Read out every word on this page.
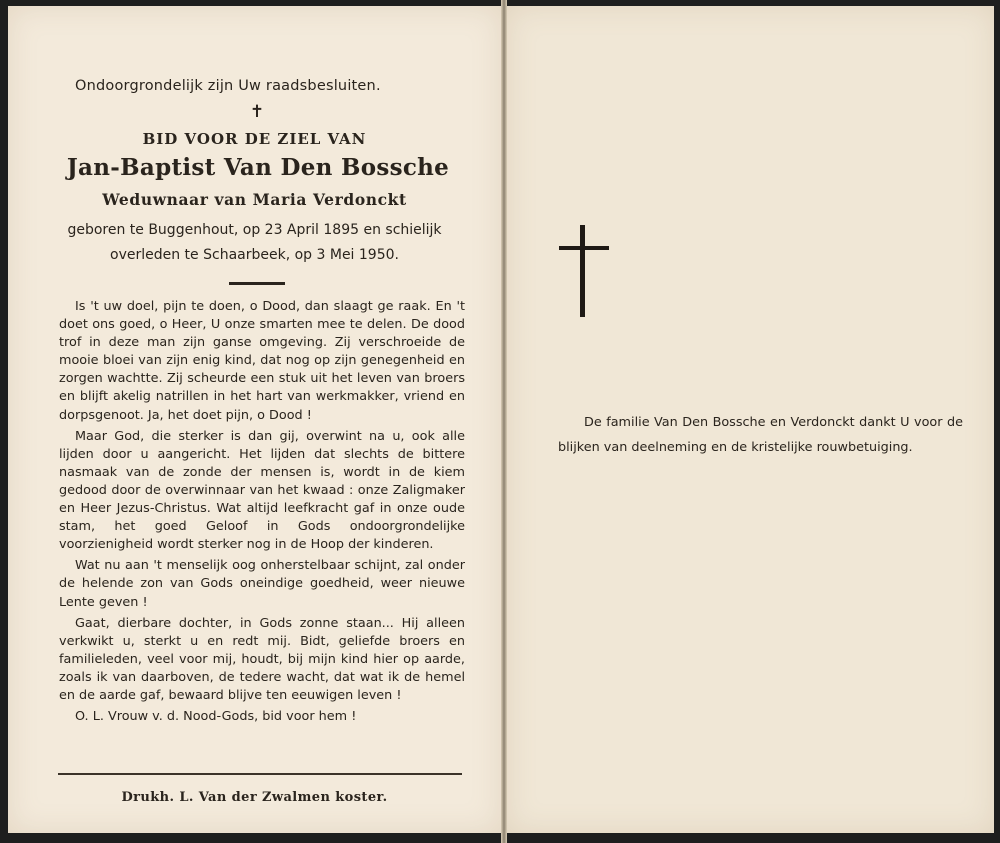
Ondoorgrondelijk zijn Uw raadsbesluiten.
✝
BID VOOR DE ZIEL VAN
Jan-Baptist Van Den Bossche
Weduwnaar van Maria Verdonckt
geboren te Buggenhout, op 23 April 1895 en schielijk
overleden te Schaarbeek, op 3 Mei 1950.

Is 't uw doel, pijn te doen, o Dood, dan slaagt ge raak. En 't doet ons goed, o Heer, U onze smarten mee te delen. De dood trof in deze man zijn ganse omgeving. Zij verschroeide de mooie bloei van zijn enig kind, dat nog op zijn genegenheid en zorgen wachtte. Zij scheurde een stuk uit het leven van broers en blijft akelig natrillen in het hart van werkmakker, vriend en dorpsgenoot. Ja, het doet pijn, o Dood !

Maar God, die sterker is dan gij, overwint na u, ook alle lijden door u aangericht. Het lijden dat slechts de bittere nasmaak van de zonde der mensen is, wordt in de kiem gedood door de overwinnaar van het kwaad : onze Zaligmaker en Heer Jezus-Christus. Wat altijd leefkracht gaf in onze oude stam, het goed Geloof in Gods ondoorgrondelijke voorzienigheid wordt sterker nog in de Hoop der kinderen.

Wat nu aan 't menselijk oog onherstelbaar schijnt, zal onder de helende zon van Gods oneindige goedheid, weer nieuwe Lente geven !

Gaat, dierbare dochter, in Gods zonne staan... Hij alleen verkwikt u, sterkt u en redt mij. Bidt, geliefde broers en familieleden, veel voor mij, houdt, bij mijn kind hier op aarde, zoals ik van daarboven, de tedere wacht, dat wat ik de hemel en de aarde gaf, bewaard blijve ten eeuwigen leven !

O. L. Vrouw v. d. Nood-Gods, bid voor hem !

Drukh. L. Van der Zwalmen koster.
De familie Van Den Bossche en Verdonckt dankt U voor de blijken van deelneming en de kristelijke rouwbetuiging.
